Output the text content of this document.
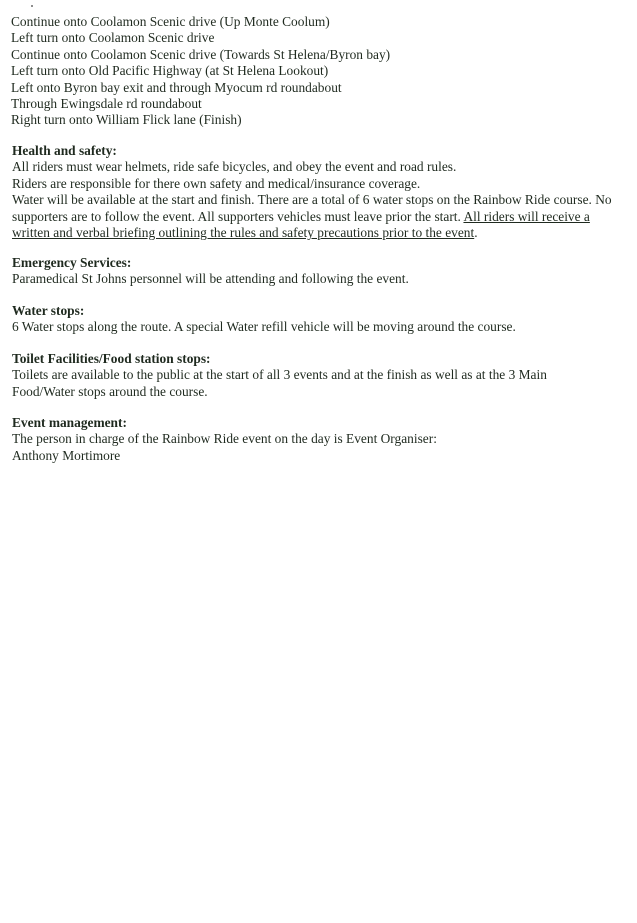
Continue onto Coolamon Scenic drive (Up Monte Coolum)
Left turn onto Coolamon Scenic drive
Continue onto Coolamon Scenic drive (Towards St Helena/Byron bay)
Left turn onto Old Pacific Highway (at St Helena Lookout)
Left onto Byron bay exit and through Myocum rd roundabout
Through Ewingsdale rd roundabout
Right turn onto William Flick lane (Finish)
Health and safety:
All riders must wear helmets, ride safe bicycles, and obey the event and road rules.
Riders are responsible for there own safety and medical/insurance coverage.
Water will be available at the start and finish. There are a total of 6 water stops on the Rainbow Ride course. No
supporters are to follow the event. All supporters vehicles must leave prior the start. All riders will receive a
written and verbal briefing outlining the rules and safety precautions prior to the event.
Emergency Services:
Paramedical St Johns personnel will be attending and following the event.
Water stops:
6 Water stops along the route. A special Water refill vehicle will be moving around the course.
Toilet Facilities/Food station stops:
Toilets are available to the public at the start of all 3 events and at the finish as well as at the 3 Main
Food/Water stops around the course.
Event management:
The person in charge of the Rainbow Ride event on the day is Event Organiser:
Anthony Mortimore
